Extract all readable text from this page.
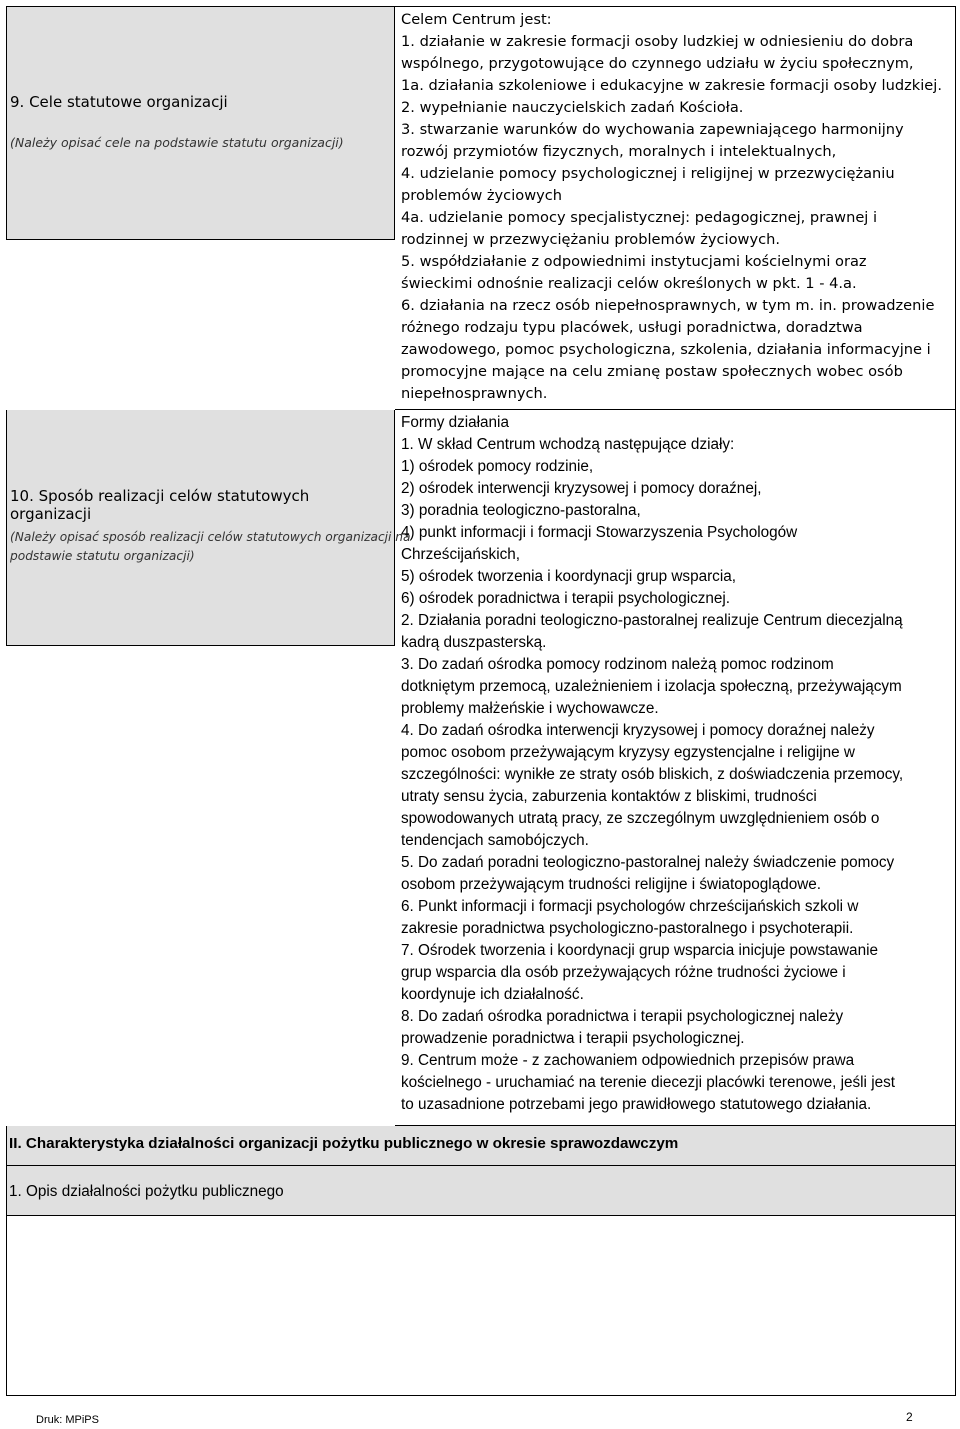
9. Cele statutowe organizacji
(Należy opisać cele na podstawie statutu organizacji)
Celem Centrum jest:
1. działanie w zakresie formacji osoby ludzkiej w odniesieniu do dobra
wspólnego, przygotowujące do czynnego udziału w życiu społecznym,
1a. działania szkoleniowe i edukacyjne w zakresie formacji osoby ludzkiej.
2. wypełnianie nauczycielskich zadań Kościoła.
3. stwarzanie warunków do wychowania zapewniającego harmonijny
rozwój przymiotów fizycznych, moralnych i intelektualnych,
4. udzielanie pomocy psychologicznej i religijnej w przezwyciężaniu
problemów życiowych
4a. udzielanie pomocy specjalistycznej: pedagogicznej, prawnej i
rodzinnej w przezwyciężaniu problemów życiowych.
5. współdziałanie z odpowiednimi instytucjami kościelnymi oraz
świeckimi odnośnie realizacji celów określonych w pkt. 1 - 4.a.
6. działania na rzecz osób niepełnosprawnych, w tym m. in. prowadzenie
różnego rodzaju typu placówek, usługi poradnictwa, doradztwa
zawodowego, pomoc psychologiczna, szkolenia, działania informacyjne i
promocyjne mające na celu zmianę postaw społecznych wobec osób
niepełnosprawnych.
10. Sposób realizacji celów statutowych organizacji
(Należy opisać sposób realizacji celów statutowych organizacji na
podstawie statutu organizacji)
Formy działania
1. W skład Centrum wchodzą następujące działy:
1) ośrodek pomocy rodzinie,
2) ośrodek interwencji kryzysowej i pomocy doraźnej,
3) poradnia teologiczno-pastoralna,
4) punkt informacji i formacji Stowarzyszenia Psychologów
Chrześcijańskich,
5) ośrodek tworzenia i koordynacji grup wsparcia,
6) ośrodek poradnictwa i terapii psychologicznej.
2. Działania poradni teologiczno-pastoralnej realizuje Centrum diecezjalną
kadrą duszpasterską.
3. Do zadań ośrodka pomocy rodzinom należą pomoc rodzinom
dotkniętym przemocą, uzależnieniem i izolacja społeczną, przeżywającym
problemy małżeńskie i wychowawcze.
4. Do zadań ośrodka interwencji kryzysowej i pomocy doraźnej należy
pomoc osobom przeżywającym kryzysy egzystencjalne i religijne w
szczególności: wynikłe ze straty osób bliskich, z doświadczenia przemocy,
utraty sensu życia, zaburzenia kontaktów z bliskimi, trudności
spowodowanych utratą pracy, ze szczególnym uwzględnieniem osób o
tendencjach samobójczych.
5. Do zadań poradni teologiczno-pastoralnej należy świadczenie pomocy
osobom przeżywającym trudności religijne i światopoglądowe.
6. Punkt informacji i formacji psychologów chrześcijańskich szkoli w
zakresie poradnictwa psychologiczno-pastoralnego i psychoterapii.
7. Ośrodek tworzenia i koordynacji grup wsparcia inicjuje powstawanie
grup wsparcia dla osób przeżywających różne trudności życiowe i
koordynuje ich działalność.
8. Do zadań ośrodka poradnictwa i terapii psychologicznej należy
prowadzenie poradnictwa i terapii psychologicznej.
9. Centrum może - z zachowaniem odpowiednich przepisów prawa
kościelnego - uruchamiać na terenie diecezji placówki terenowe, jeśli jest
to uzasadnione potrzebami jego prawidłowego statutowego działania.
II. Charakterystyka działalności organizacji pożytku publicznego w okresie sprawozdawczym
1. Opis działalności pożytku publicznego
Druk: MPiPS	2
